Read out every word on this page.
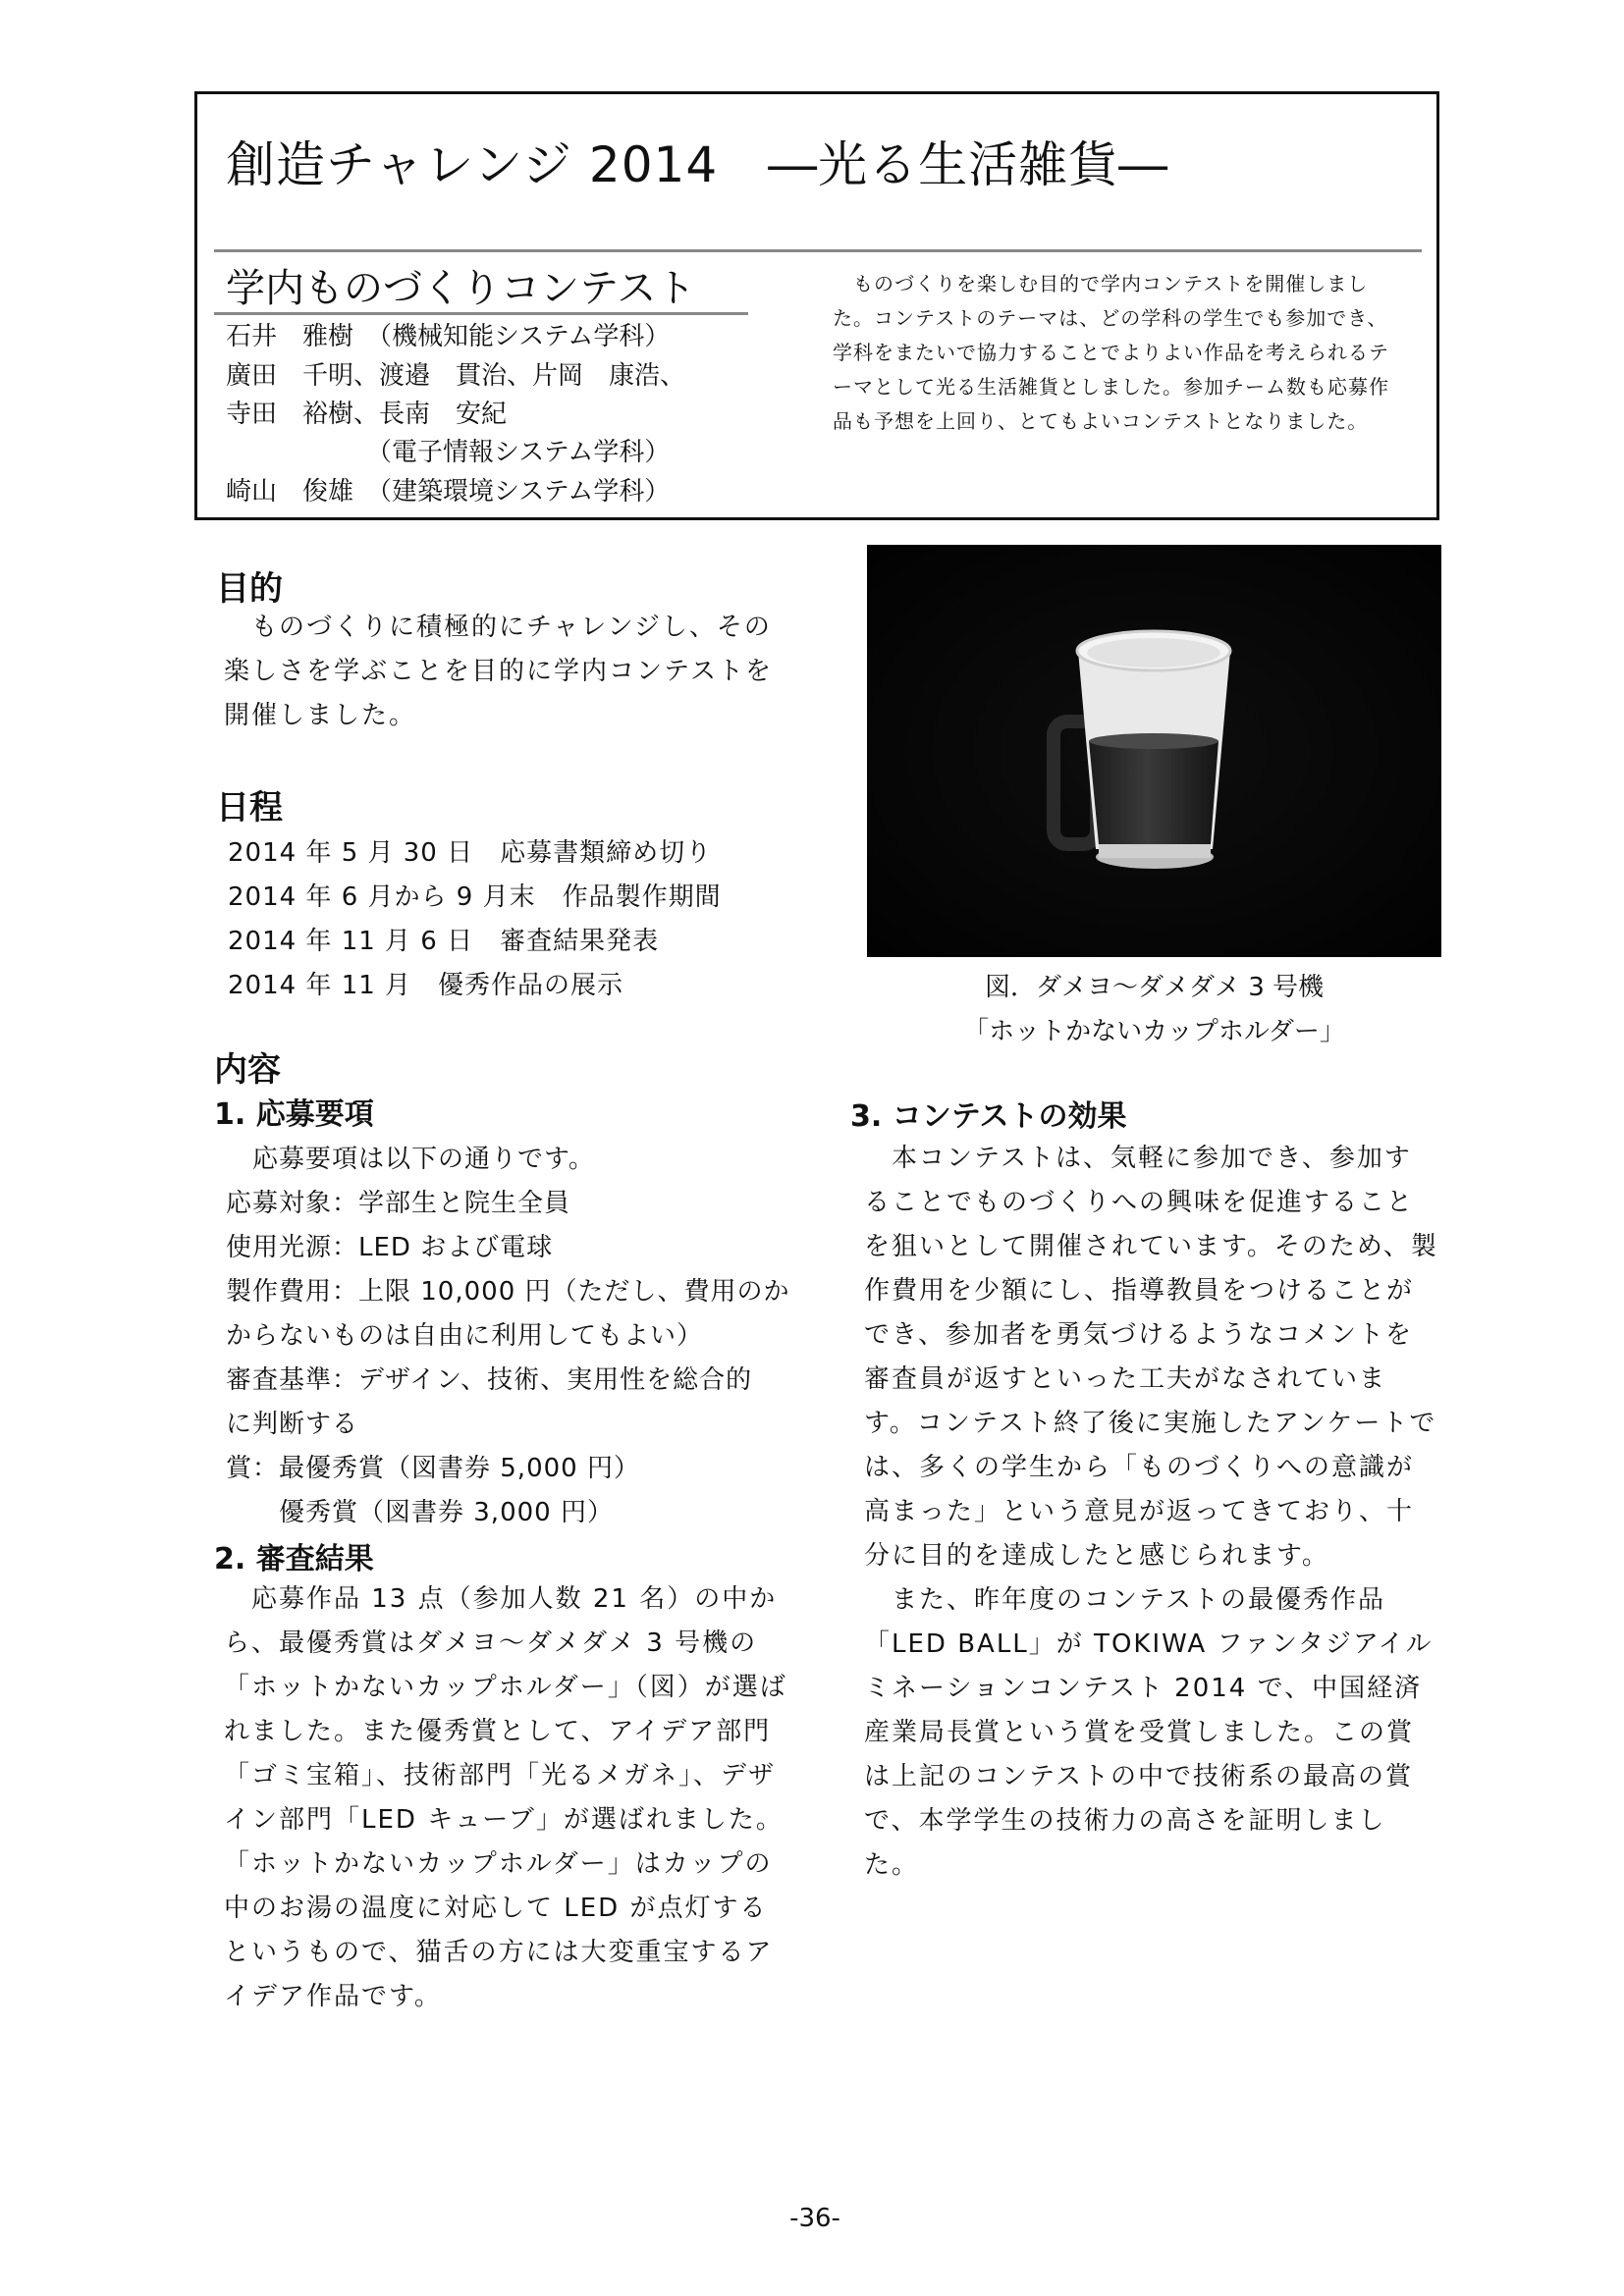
創造チャレンジ 2014　―光る生活雑貨―
学内ものづくりコンテスト
石井　雅樹　（機械知能システム学科）
廣田　千明、渡邉　貫治、片岡　康浩、
寺田　裕樹、長南　安紀
　　　　　　（電子情報システム学科）
崎山　俊雄　（建築環境システム学科）
　ものづくりを楽しむ目的で学内コンテストを開催しました。コンテストのテーマは、どの学科の学生でも参加でき、学科をまたいで協力することでよりよい作品を考えられるテーマとして光る生活雑貨としました。参加チーム数も応募作品も予想を上回り、とてもよいコンテストとなりました。
目的
　ものづくりに積極的にチャレンジし、その楽しさを学ぶことを目的に学内コンテストを開催しました。
日程
2014 年 5 月 30 日　応募書類締め切り
2014 年 6 月から 9 月末　作品製作期間
2014 年 11 月 6 日　審査結果発表
2014 年 11 月　優秀作品の展示
内容
1. 応募要項
　応募要項は以下の通りです。
応募対象：学部生と院生全員
使用光源：LED および電球
製作費用：上限 10,000 円（ただし、費用のか
からないものは自由に利用してもよい）
審査基準：デザイン、技術、実用性を総合的
に判断する
賞：最優秀賞（図書券 5,000 円）
　　優秀賞（図書券 3,000 円）
2. 審査結果
　応募作品 13 点（参加人数 21 名）の中から、最優秀賞はダメヨ～ダメダメ 3 号機の「ホットかないカップホルダー」（図）が選ばれました。また優秀賞として、アイデア部門「ゴミ宝箱」、技術部門「光るメガネ」、デザイン部門「LED キューブ」が選ばれました。「ホットかないカップホルダー」はカップの中のお湯の温度に対応して LED が点灯するというもので、猫舌の方には大変重宝するアイデア作品です。
図．ダメヨ～ダメダメ 3 号機
「ホットかないカップホルダー」
3. コンテストの効果
　本コンテストは、気軽に参加でき、参加することでものづくりへの興味を促進することを狙いとして開催されています。そのため、製作費用を少額にし、指導教員をつけることができ、参加者を勇気づけるようなコメントを審査員が返すといった工夫がなされています。コンテスト終了後に実施したアンケートでは、多くの学生から「ものづくりへの意識が高まった」という意見が返ってきており、十分に目的を達成したと感じられます。
　また、昨年度のコンテストの最優秀作品「LED BALL」が TOKIWA ファンタジアイルミネーションコンテスト 2014 で、中国経済産業局長賞という賞を受賞しました。この賞は上記のコンテストの中で技術系の最高の賞で、本学学生の技術力の高さを証明しました。
-36-
